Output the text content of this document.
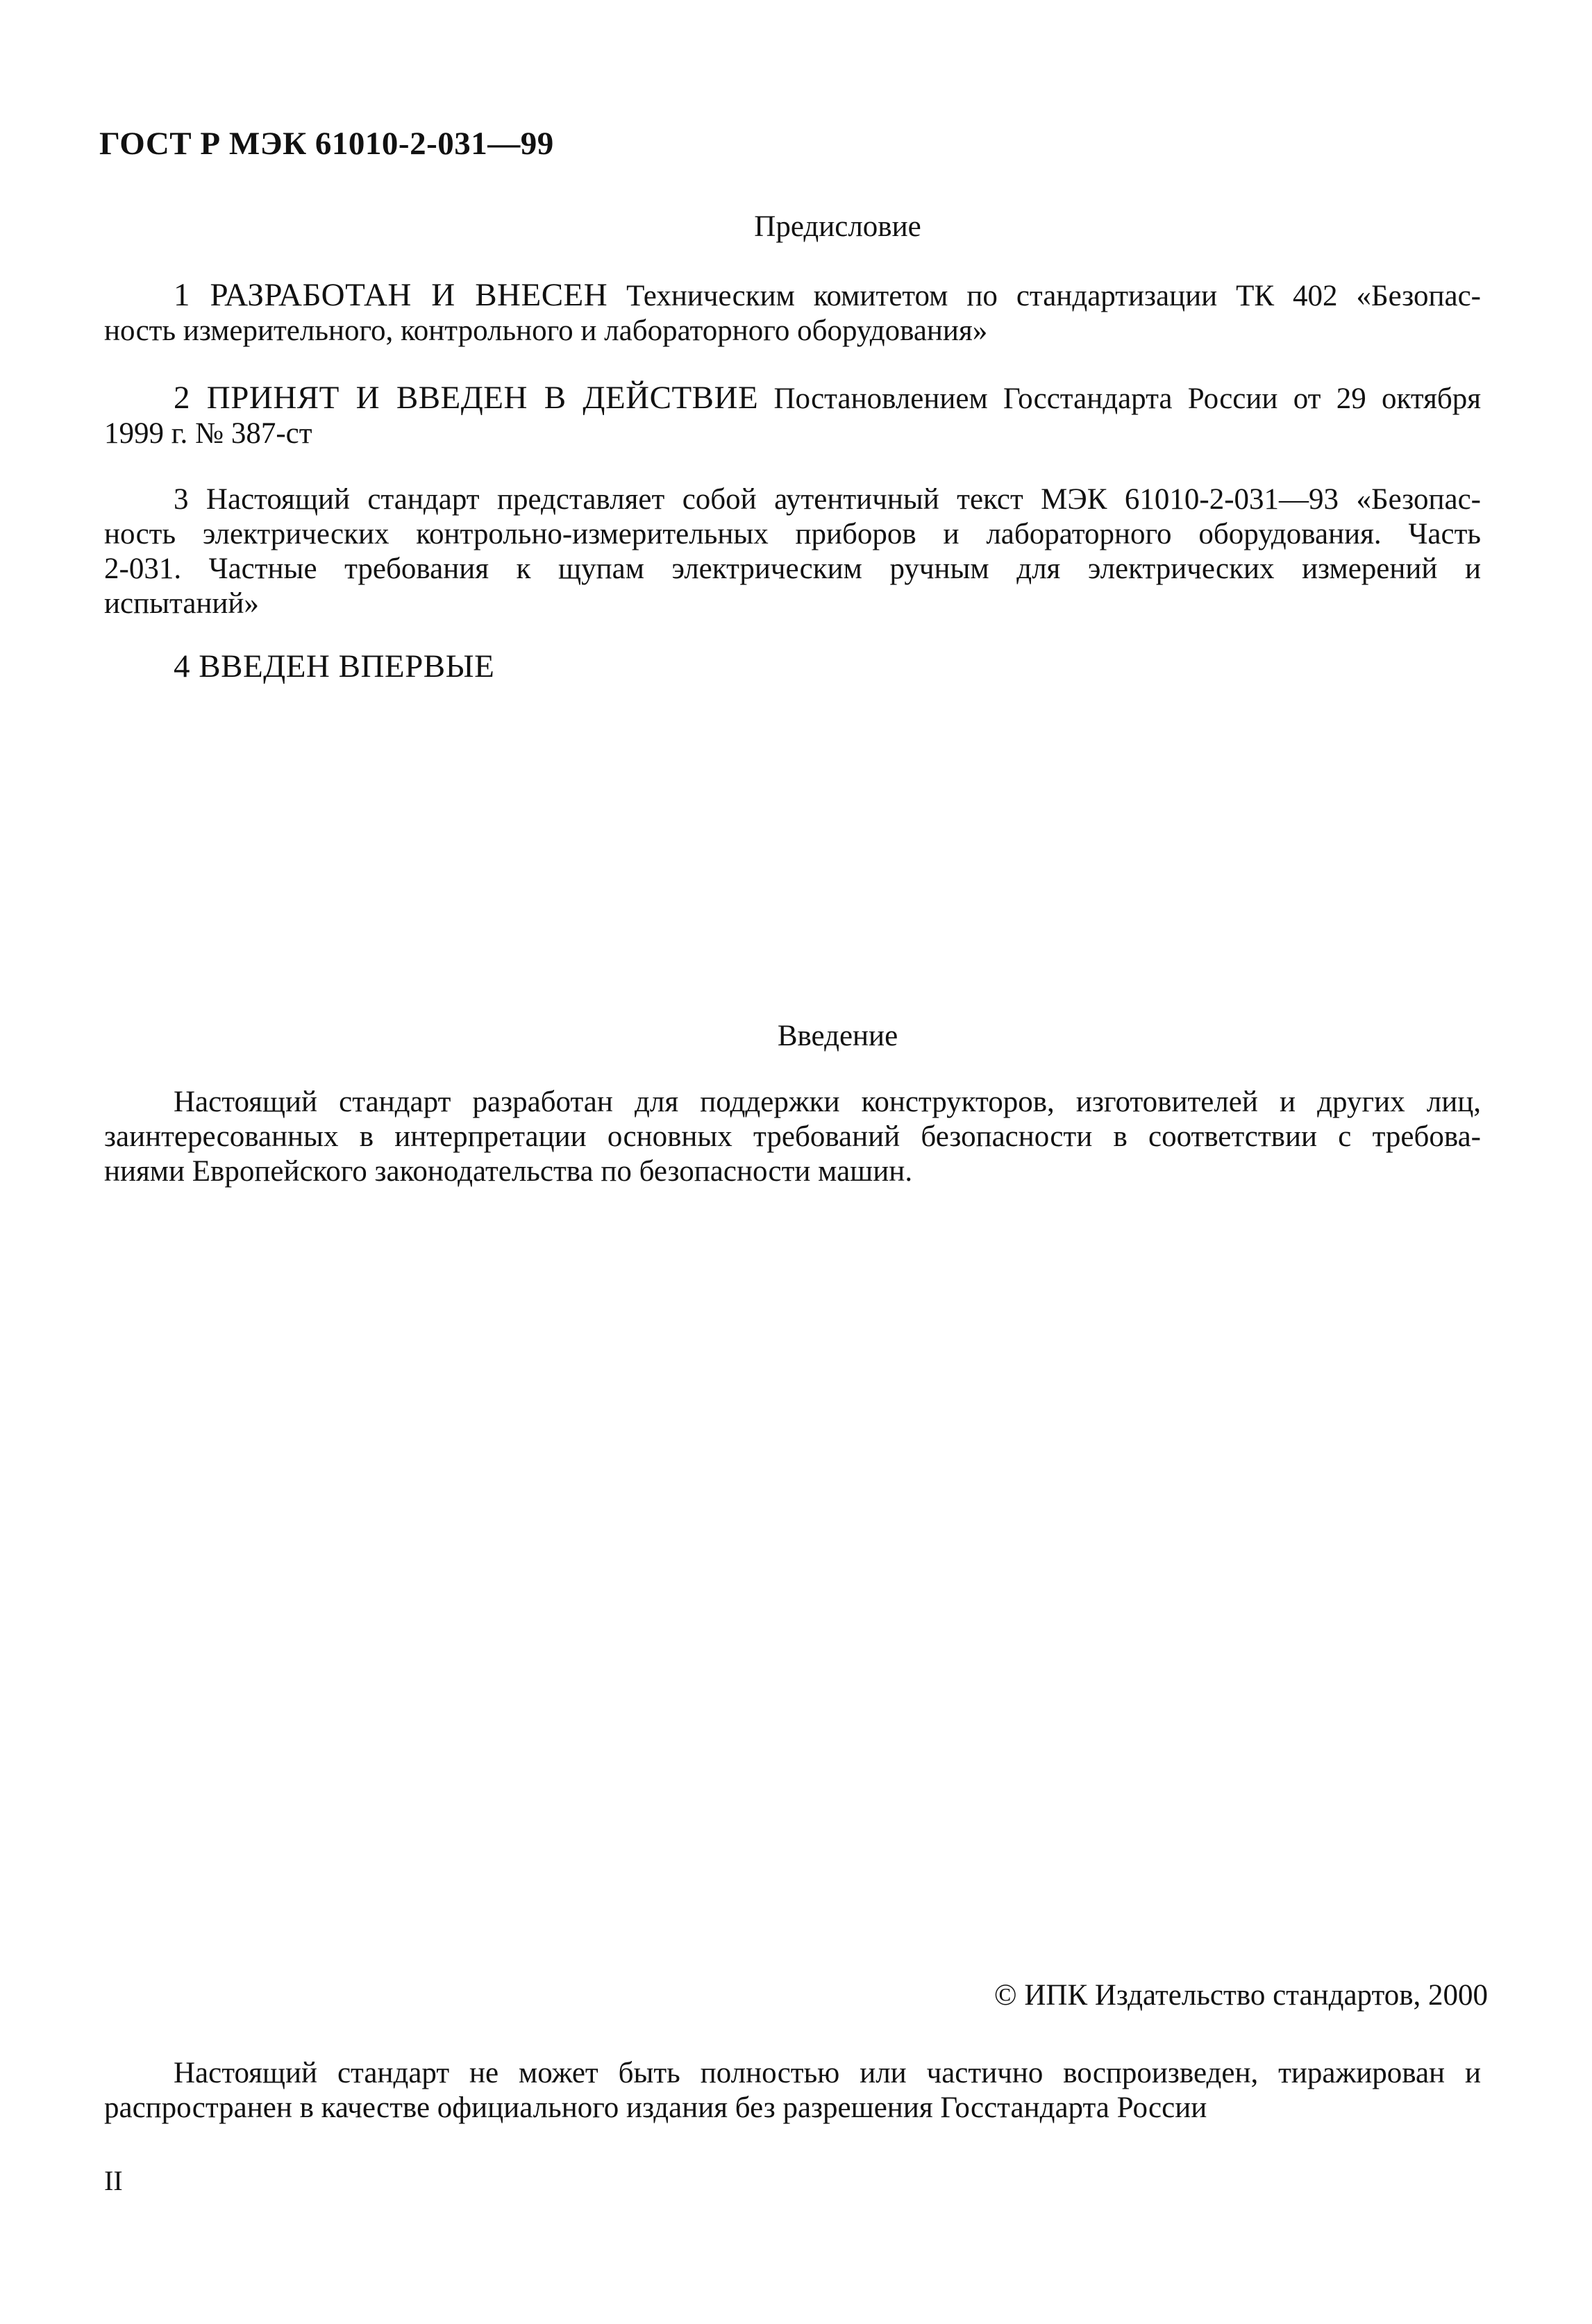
ГОСТ Р МЭК 61010-2-031—99
Предисловие
1 РАЗРАБОТАН И ВНЕСЕН Техническим комитетом по стандартизации ТК 402 «Безопас-
ность измерительного, контрольного и лабораторного оборудования»
2 ПРИНЯТ И ВВЕДЕН В ДЕЙСТВИЕ Постановлением Госстандарта России от 29 октября
1999 г. № 387-ст
3 Настоящий стандарт представляет собой аутентичный текст МЭК 61010-2-031—93 «Безопас-
ность электрических контрольно-измерительных приборов и лабораторного оборудования. Часть
2-031. Частные требования к щупам электрическим ручным для электрических измерений и
испытаний»
4 ВВЕДЕН ВПЕРВЫЕ
Введение
Настоящий стандарт разработан для поддержки конструкторов, изготовителей и других лиц,
заинтересованных в интерпретации основных требований безопасности в соответствии с требова-
ниями Европейского законодательства по безопасности машин.
© ИПК Издательство стандартов, 2000
Настоящий стандарт не может быть полностью или частично воспроизведен, тиражирован и
распространен в качестве официального издания без разрешения Госстандарта России
II
